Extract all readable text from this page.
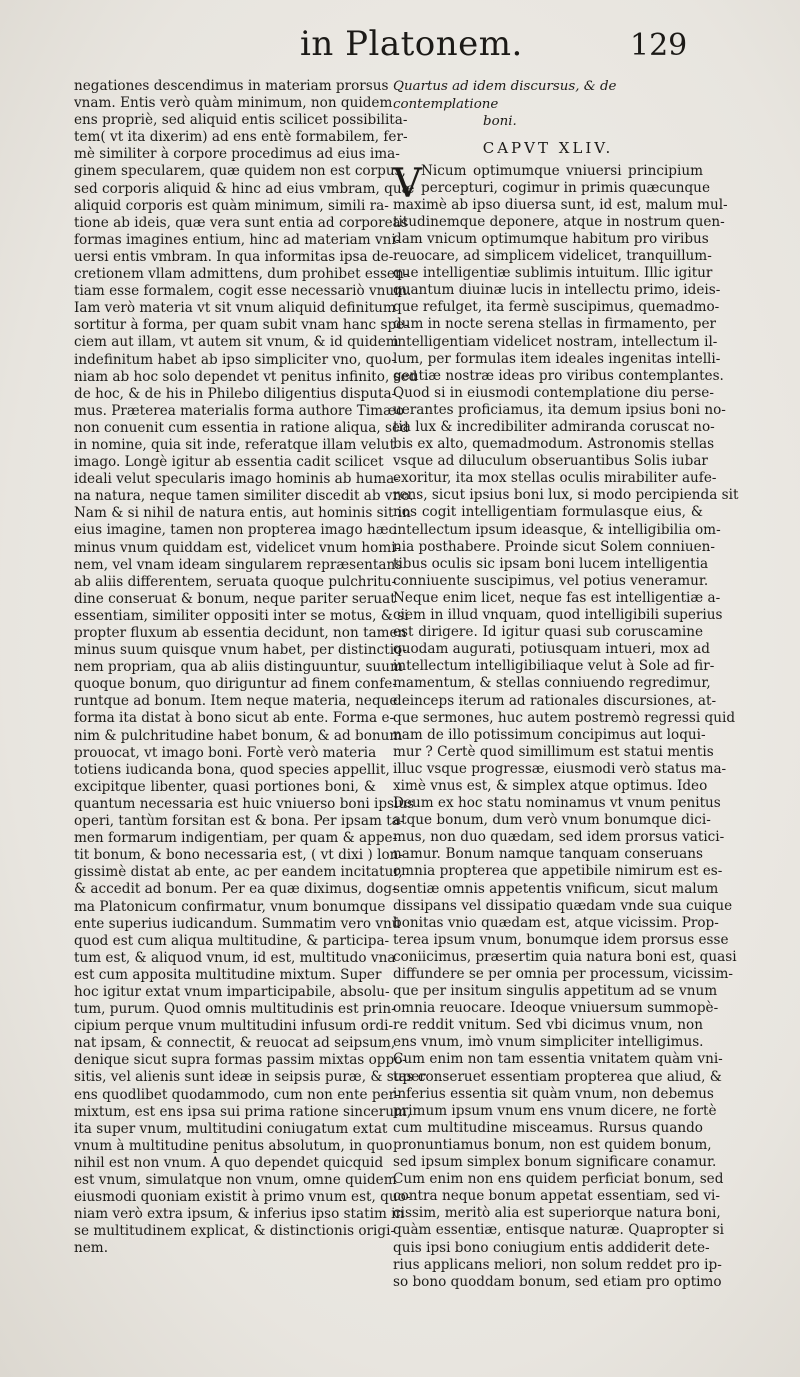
in Platonem.	129
negationes descendimus in materiam prorsus
vnam. Entis verò quàm minimum, non quidem
ens propriè, sed aliquid entis scilicet possibilita-
tem( vt ita dixerim) ad ens entè formabilem, fer-
mè similiter à corpore procedimus ad eius ima-
ginem specularem, quæ quidem non est corpus,
sed corporis aliquid & hinc ad eius vmbram, quæ
aliquid corporis est quàm minimum, simili ra-
tione ab ideis, quæ vera sunt entia ad corporeas
formas imagines entium, hinc ad materiam vni-
uersi entis vmbram. In qua informitas ipsa de-
cretionem vllam admittens, dum prohibet essen-
tiam esse formalem, cogit esse necessariò vnum.
Iam verò materia vt sit vnum aliquid definitum
sortitur à forma, per quam subit vnam hanc spe-
ciem aut illam, vt autem sit vnum, & id quidem
indefinitum habet ab ipso simpliciter vno, quo-
niam ab hoc solo dependet vt penitus infinito, sed
de hoc, & de his in Philebo diligentius disputa-
mus. Præterea materialis forma authore Timæo
non conuenit cum essentia in ratione aliqua, sed
in nomine, quia sit inde, referatque illam velut
imago. Longè igitur ab essentia cadit scilicet
ideali velut specularis imago hominis ab huma-
na natura, neque tamen similiter discedit ab vno.
Nam & si nihil de natura entis, aut hominis sit in
eius imagine, tamen non propterea imago hæc
minus vnum quiddam est, videlicet vnum homi-
nem, vel vnam ideam singularem repræsentans
ab aliis differentem, seruata quoque pulchritu-
dine conseruat & bonum, neque pariter seruat
essentiam, similiter oppositi inter se motus, & si
propter fluxum ab essentia decidunt, non tamen
minus suum quisque vnum habet, per distinctio-
nem propriam, qua ab aliis distinguuntur, suum
quoque bonum, quo diriguntur ad finem confe-
runtque ad bonum. Item neque materia, neque
forma ita distat à bono sicut ab ente. Forma e-
nim & pulchritudine habet bonum, & ad bonum
prouocat, vt imago boni. Fortè verò materia
totiens iudicanda bona, quod species appellit,
excipitque libenter, quasi portiones boni, &
quantum necessaria est huic vniuerso boni ipsius
operi, tantùm forsitan est & bona. Per ipsam ta-
men formarum indigentiam, per quam & appe-
tit bonum, & bono necessaria est, ( vt dixi ) lon-
gissimè distat ab ente, ac per eandem incitatur,
& accedit ad bonum. Per ea quæ diximus, dog-
ma Platonicum confirmatur, vnum bonumque
ente superius iudicandum. Summatim vero vnū
quod est cum aliqua multitudine, & participa-
tum est, & aliquod vnum, id est, multitudo vna
est cum apposita multitudine mixtum. Super
hoc igitur extat vnum imparticipabile, absolu-
tum, purum. Quod omnis multitudinis est prin-
cipium perque vnum multitudini infusum ordi-
nat ipsam, & connectit, & reuocat ad seipsum,
denique sicut supra formas passim mixtas oppo-
sitis, vel alienis sunt ideæ in seipsis puræ, & super
ens quodlibet quodammodo, cum non ente per-
mixtum, est ens ipsa sui prima ratione sincerum,
ita super vnum, multitudini coniugatum extat
vnum à multitudine penitus absolutum, in quo
nihil est non vnum. A quo dependet quicquid
est vnum, simulatque non vnum, omne quidem
eiusmodi quoniam existit à primo vnum est, quo-
niam verò extra ipsum, & inferius ipso statim in
se multitudinem explicat, & distinctionis origi-
nem.
Quartus ad idem discursus, & de contemplatione
boni.
CAPVT XLIV.
V Nicum optimumque vniuersi principium
percepturi, cogimur in primis quæcunque
maximè ab ipso diuersa sunt, id est, malum mul-
titudinemque deponere, atque in nostrum quen-
dam vnicum optimumque habitum pro viribus
reuocare, ad simplicem videlicet, tranquillum-
que intelligentiæ sublimis intuitum. Illic igitur
quantum diuinæ lucis in intellectu primo, ideis-
que refulget, ita fermè suscipimus, quemadmo-
dum in nocte serena stellas in firmamento, per
intelligentiam videlicet nostram, intellectum il-
lum, per formulas item ideales ingenitas intelli-
gentiæ nostræ ideas pro viribus contemplantes.
Quod si in eiusmodi contemplatione diu perse-
uerantes proficiamus, ita demum ipsius boni no-
tia lux & incredibiliter admiranda coruscat no-
bis ex alto, quemadmodum. Astronomis stellas
vsque ad diluculum obseruantibus Solis iubar
exoritur, ita mox stellas oculis mirabiliter aufe-
rens, sicut ipsius boni lux, si modo percipienda sit
nos cogit intelligentiam formulasque eius, &
intellectum ipsum ideasque, & intelligibilia om-
nia posthabere. Proinde sicut Solem conniuen-
tibus oculis sic ipsam boni lucem intelligentia
conniuente suscipimus, vel potius veneramur.
Neque enim licet, neque fas est intelligentiæ a-
ciem in illud vnquam, quod intelligibili superius
est dirigere. Id igitur quasi sub coruscamine
quodam augurati, potiusquam intueri, mox ad
intellectum intelligibiliaque velut à Sole ad fir-
mamentum, & stellas conniuendo regredimur,
deinceps iterum ad rationales discursiones, at-
que sermones, huc autem postremò regressi quid
nam de illo potissimum concipimus aut loqui-
mur ? Certè quod simillimum est statui mentis
illuc vsque progressæ, eiusmodi verò status ma-
ximè vnus est, & simplex atque optimus. Ideo
Deum ex hoc statu nominamus vt vnum penitus
atque bonum, dum verò vnum bonumque dici-
mus, non duo quædam, sed idem prorsus vatici-
namur. Bonum namque tanquam conseruans
omnia propterea que appetibile nimirum est es-
sentiæ omnis appetentis vnificum, sicut malum
dissipans vel dissipatio quædam vnde sua cuique
bonitas vnio quædam est, atque vicissim. Prop-
terea ipsum vnum, bonumque idem prorsus esse
coniicimus, præsertim quia natura boni est, quasi
diffundere se per omnia per processum, vicissim-
que per insitum singulis appetitum ad se vnum
omnia reuocare. Ideoque vniuersum summopè-
re reddit vnitum. Sed vbi dicimus vnum, non
ens vnum, imò vnum simpliciter intelligimus.
Cum enim non tam essentia vnitatem quàm vni-
tas conseruet essentiam propterea que aliud, &
inferius essentia sit quàm vnum, non debemus
primum ipsum vnum ens vnum dicere, ne fortè
cum multitudine misceamus. Rursus quando
pronuntiamus bonum, non est quidem bonum,
sed ipsum simplex bonum significare conamur.
Cum enim non ens quidem perficiat bonum, sed
contra neque bonum appetat essentiam, sed vi-
cissim, meritò alia est superiorque natura boni,
quàm essentiæ, entisque naturæ. Quapropter si
quis ipsi bono coniugium entis addiderit dete-
rius applicans meliori, non solum reddet pro ip-
so bono quoddam bonum, sed etiam pro optimo
